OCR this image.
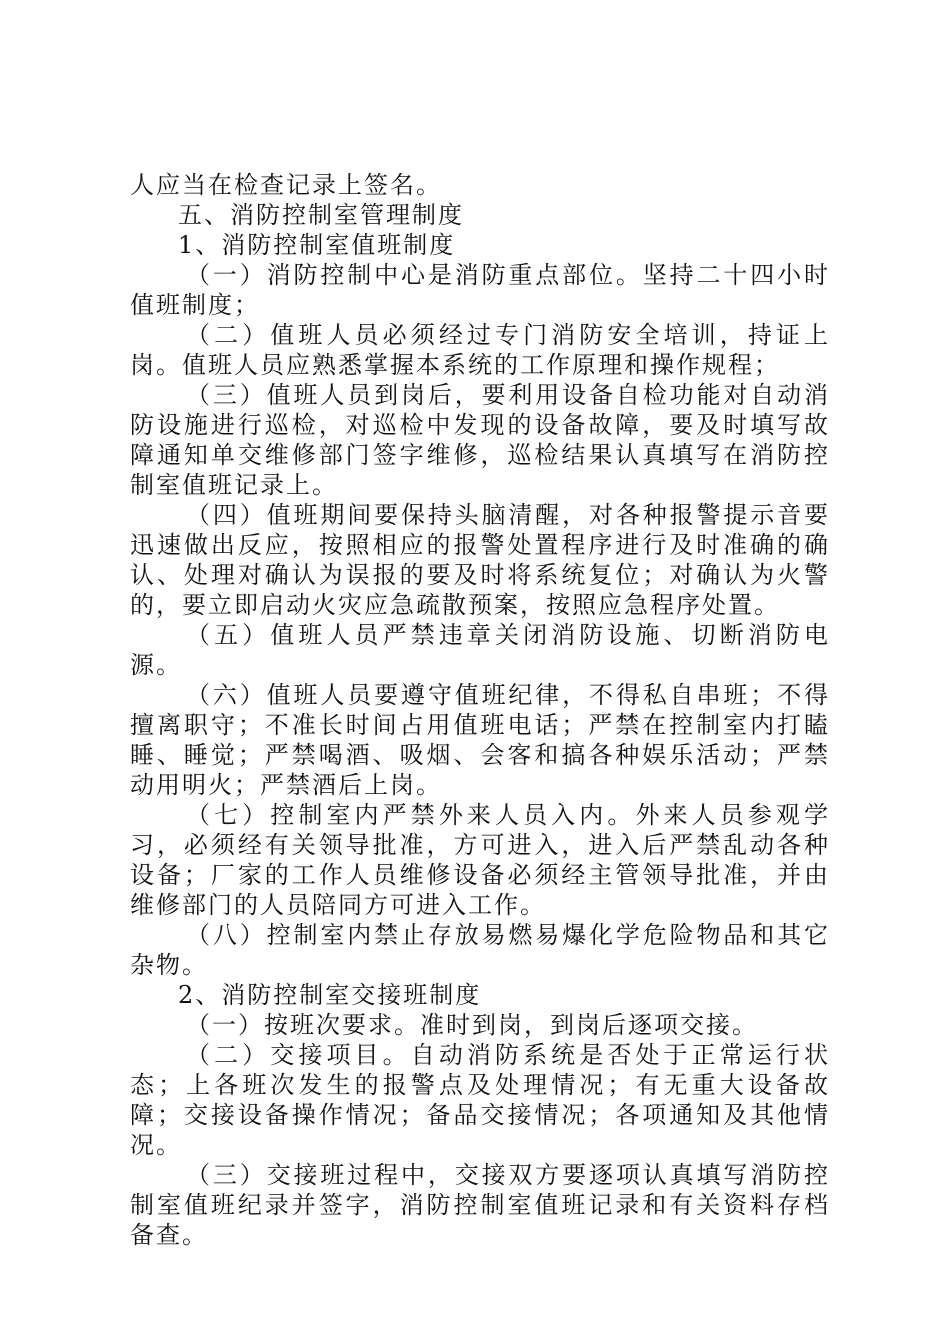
人应当在检查记录上签名。

五、消防控制室管理制度

1、消防控制室值班制度

（一）消防控制中心是消防重点部位。坚持二十四小时值班制度；

（二）值班人员必须经过专门消防安全培训，持证上岗。值班人员应熟悉掌握本系统的工作原理和操作规程；

（三）值班人员到岗后，要利用设备自检功能对自动消防设施进行巡检，对巡检中发现的设备故障，要及时填写故障通知单交维修部门签字维修，巡检结果认真填写在消防控制室值班记录上。

（四）值班期间要保持头脑清醒，对各种报警提示音要迅速做出反应，按照相应的报警处置程序进行及时准确的确认、处理对确认为误报的要及时将系统复位；对确认为火警的，要立即启动火灾应急疏散预案，按照应急程序处置。

（五）值班人员严禁违章关闭消防设施、切断消防电源。

（六）值班人员要遵守值班纪律，不得私自串班；不得擅离职守；不准长时间占用值班电话；严禁在控制室内打瞌睡、睡觉；严禁喝酒、吸烟、会客和搞各种娱乐活动；严禁动用明火；严禁酒后上岗。

（七）控制室内严禁外来人员入内。外来人员参观学习，必须经有关领导批准，方可进入，进入后严禁乱动各种设备；厂家的工作人员维修设备必须经主管领导批准，并由维修部门的人员陪同方可进入工作。

（八）控制室内禁止存放易燃易爆化学危险物品和其它杂物。

2、消防控制室交接班制度

（一）按班次要求。准时到岗，到岗后逐项交接。

（二）交接项目。自动消防系统是否处于正常运行状态；上各班次发生的报警点及处理情况；有无重大设备故障；交接设备操作情况；备品交接情况；各项通知及其他情况。

（三）交接班过程中，交接双方要逐项认真填写消防控制室值班纪录并签字，消防控制室值班记录和有关资料存档备查。
